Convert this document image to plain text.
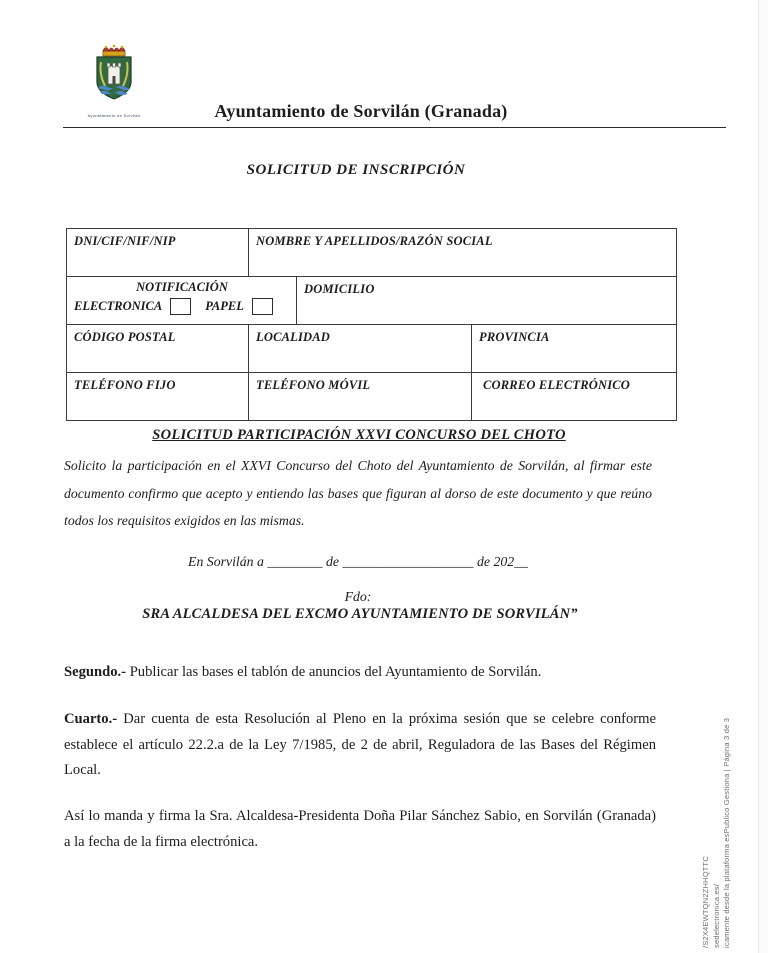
Ayuntamiento de Sorvilán	Ayuntamiento de Sorvilán (Granada)
SOLICITUD DE INSCRIPCIÓN
DNI/CIF/NIF/NIP	NOMBRE Y APELLIDOS/RAZÓN SOCIAL		

NOTIFICACIÓN
ELECTRONICA PAPEL		DOMICILIO	
CÓDIGO POSTAL	LOCALIDAD		PROVINCIA
TELÉFONO FIJO	TELÉFONO MÓVIL		CORREO ELECTRÓNICO
SOLICITUD PARTICIPACIÓN XXVI CONCURSO DEL CHOTO
Solicito la participación en el XXVI Concurso del Choto del Ayuntamiento de Sorvilán, al firmar este documento confirmo que acepto y entiendo las bases que figuran al dorso de este documento y que reúno todos los requisitos exigidos en las mismas.
En Sorvilán a ________ de ___________________ de 202__
Fdo:
SRA ALCALDESA DEL EXCMO AYUNTAMIENTO DE SORVILÁN”
Segundo.- Publicar las bases el tablón de anuncios del Ayuntamiento de Sorvilán.
Cuarto.- Dar cuenta de esta Resolución al Pleno en la próxima sesión que se celebre conforme establece el artículo 22.2.a de la Ley 7/1985, de 2 de abril, Reguladora de las Bases del Régimen Local.
Así lo manda y firma la Sra. Alcaldesa-Presidenta Doña Pilar Sánchez Sabio, en Sorvilán (Granada) a la fecha de la firma electrónica.
/S2X4EWTQN2ZHHQTTC sedelectronica.es/ icamente desde la plataforma esPublico Gestiona | Página 3 de 3
